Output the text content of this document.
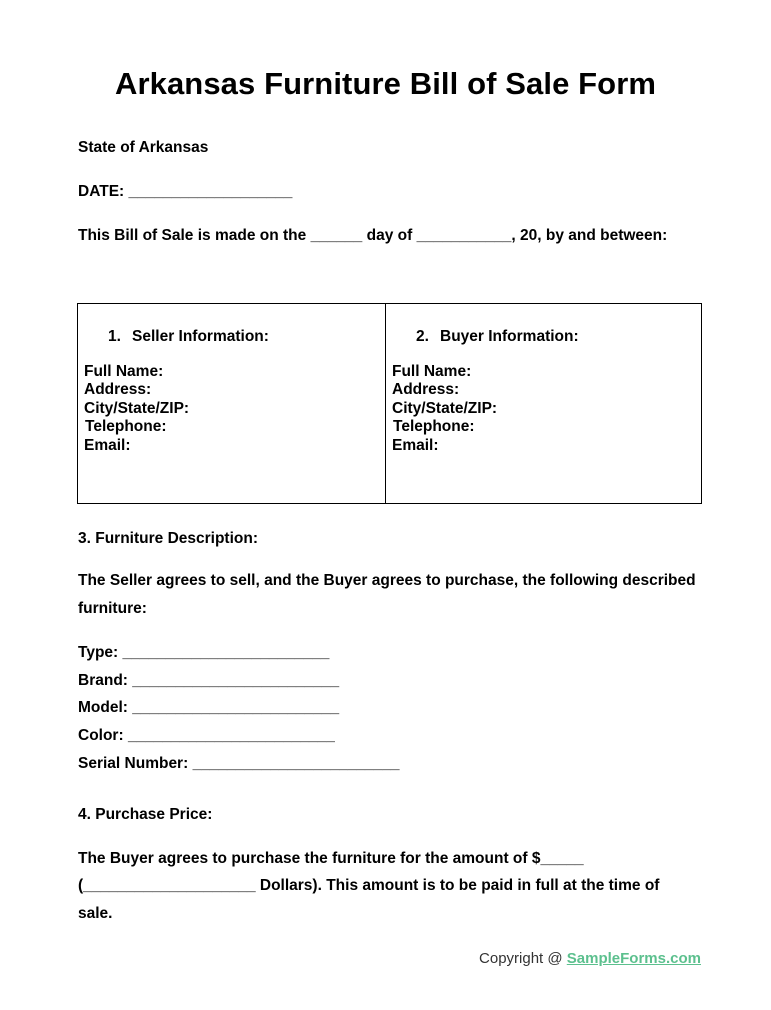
Arkansas Furniture Bill of Sale Form
State of Arkansas
DATE: ___________________
This Bill of Sale is made on the ______ day of ___________, 20, by and between:
1. Seller Information:
Full Name:
Address:
City/State/ZIP:
Telephone:
Email:
2. Buyer Information:
Full Name:
Address:
City/State/ZIP:
Telephone:
Email:
3. Furniture Description:
The Seller agrees to sell, and the Buyer agrees to purchase, the following described furniture:
Type: ________________________
Brand: ________________________
Model: ________________________
Color: ________________________
Serial Number: ________________________
4. Purchase Price:
The Buyer agrees to purchase the furniture for the amount of $_____
(____________________ Dollars). This amount is to be paid in full at the time of
sale.
Copyright @ SampleForms.com
